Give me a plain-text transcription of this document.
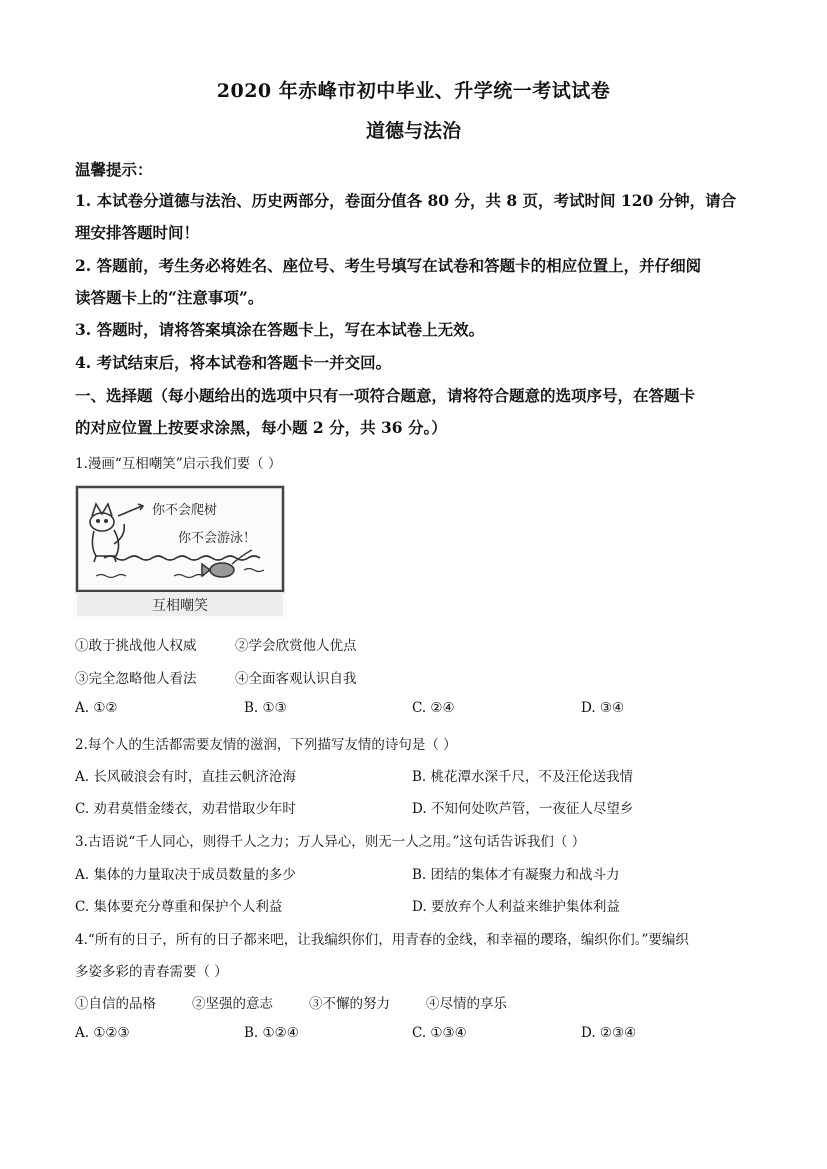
2020 年赤峰市初中毕业、升学统一考试试卷
道德与法治
温馨提示：
1. 本试卷分道德与法治、历史两部分，卷面分值各 80 分，共 8 页，考试时间 120 分钟，请合
理安排答题时间！
2. 答题前，考生务必将姓名、座位号、考生号填写在试卷和答题卡的相应位置上，并仔细阅
读答题卡上的“注意事项”。
3. 答题时，请将答案填涂在答题卡上，写在本试卷上无效。
4. 考试结束后，将本试卷和答题卡一并交回。
一、选择题（每小题给出的选项中只有一项符合题意，请将符合题意的选项序号，在答题卡
的对应位置上按要求涂黑，每小题 2 分，共 36 分。）
1.漫画“互相嘲笑”启示我们要（ ）
你不会爬树
你不会游泳！
互相嘲笑
①敢于挑战他人权威	②学会欣赏他人优点
③完全忽略他人看法	④全面客观认识自我
A. ①②	B. ①③	C. ②④	D. ③④
2.每个人的生活都需要友情的滋润，下列描写友情的诗句是（ ）
A. 长风破浪会有时，直挂云帆济沧海	B. 桃花潭水深千尺，不及汪伦送我情
C. 劝君莫惜金缕衣，劝君惜取少年时	D. 不知何处吹芦管，一夜征人尽望乡
3.古语说“千人同心，则得千人之力；万人异心，则无一人之用。”这句话告诉我们（ ）
A. 集体的力量取决于成员数量的多少	B. 团结的集体才有凝聚力和战斗力
C. 集体要充分尊重和保护个人利益	D. 要放弃个人利益来维护集体利益
4.“所有的日子，所有的日子都来吧，让我编织你们，用青春的金线，和幸福的璎珞，编织你们。”要编织
多姿多彩的青春需要（ ）
①自信的品格	②坚强的意志	③不懈的努力	④尽情的享乐
A. ①②③	B. ①②④	C. ①③④	D. ②③④
